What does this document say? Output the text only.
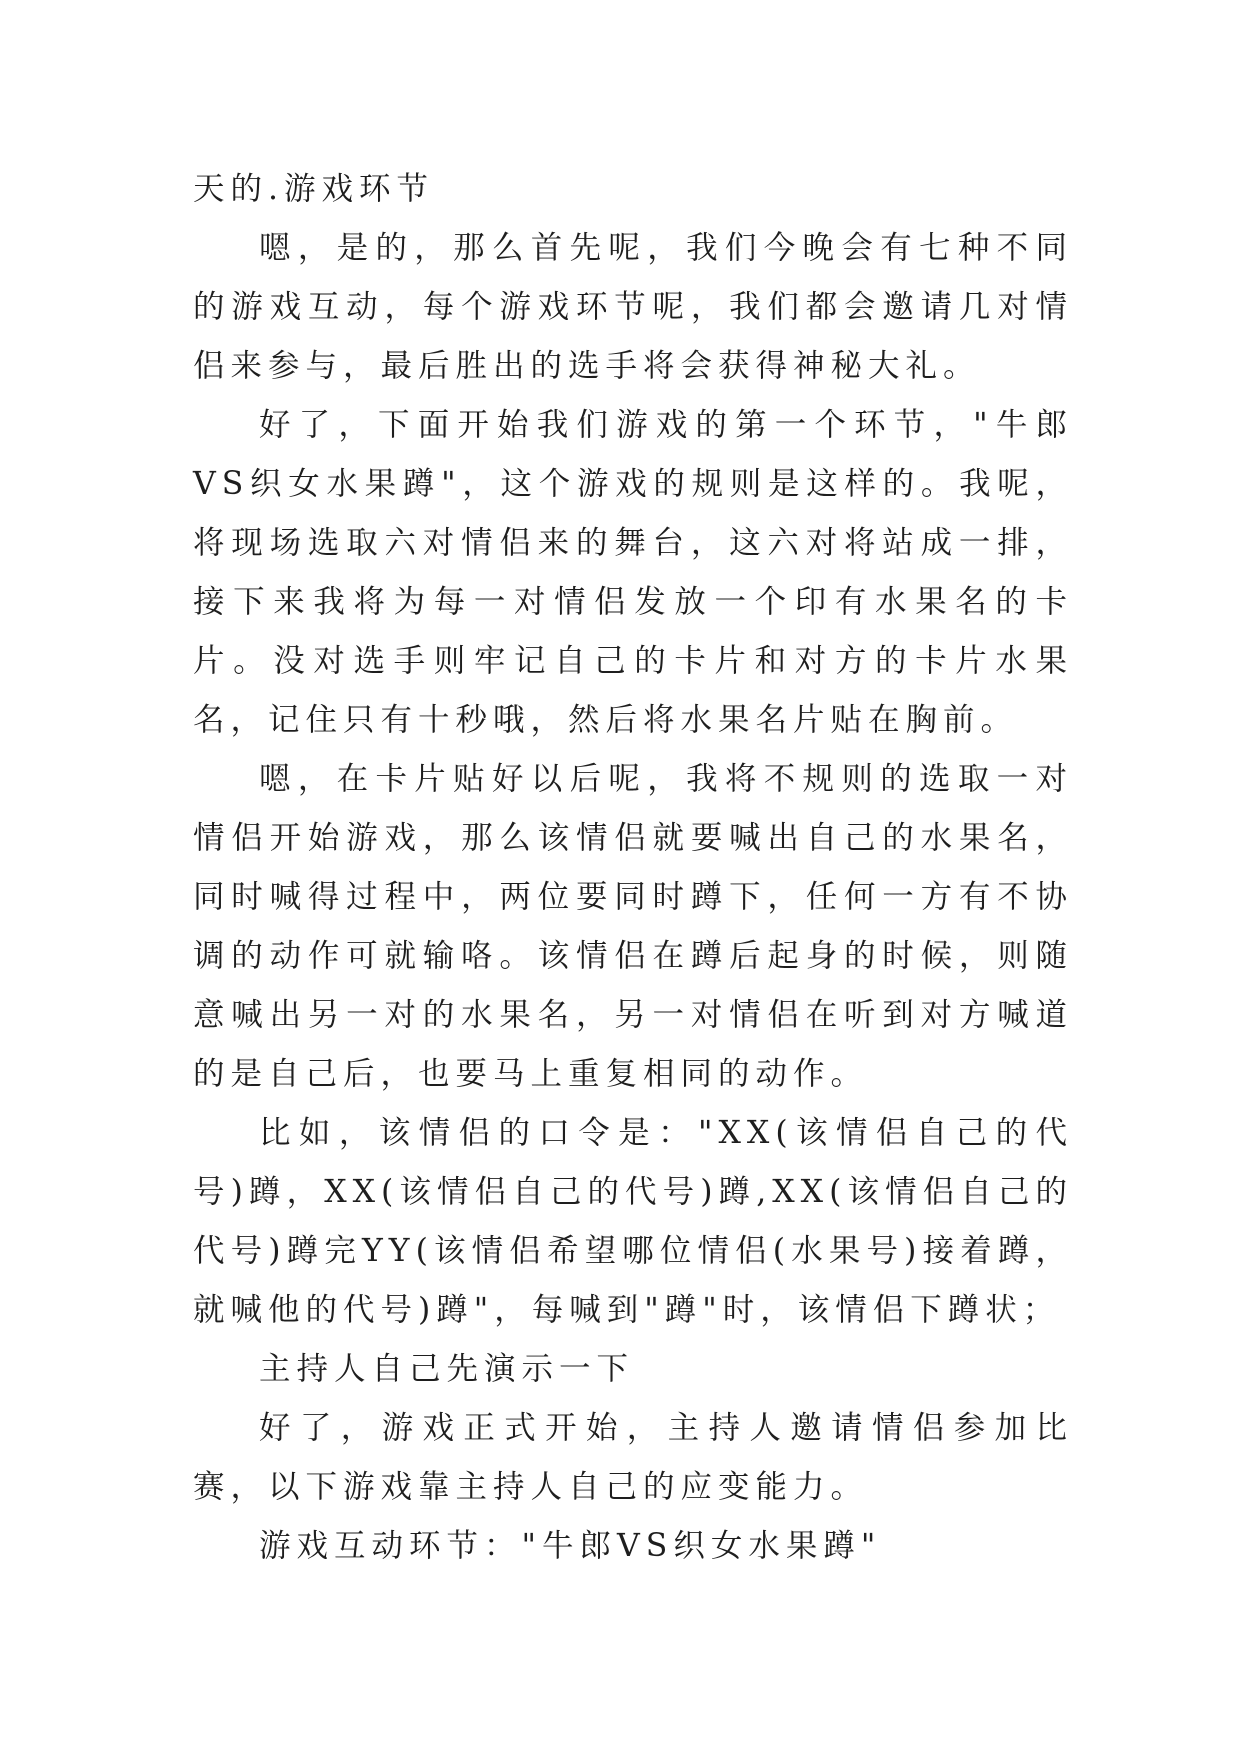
天的.游戏环节

嗯，是的，那么首先呢，我们今晚会有七种不同的游戏互动，每个游戏环节呢，我们都会邀请几对情侣来参与，最后胜出的选手将会获得神秘大礼。

好了，下面开始我们游戏的第一个环节，"牛郎VS织女水果蹲"，这个游戏的规则是这样的。我呢，将现场选取六对情侣来的舞台，这六对将站成一排，接下来我将为每一对情侣发放一个印有水果名的卡片。没对选手则牢记自己的卡片和对方的卡片水果名，记住只有十秒哦，然后将水果名片贴在胸前。

嗯，在卡片贴好以后呢，我将不规则的选取一对情侣开始游戏，那么该情侣就要喊出自己的水果名，同时喊得过程中，两位要同时蹲下，任何一方有不协调的动作可就输咯。该情侣在蹲后起身的时候，则随意喊出另一对的水果名，另一对情侣在听到对方喊道的是自己后，也要马上重复相同的动作。

比如，该情侣的口令是："XX(该情侣自己的代号)蹲，XX(该情侣自己的代号)蹲,XX(该情侣自己的代号)蹲完YY(该情侣希望哪位情侣(水果号)接着蹲，就喊他的代号)蹲"，每喊到"蹲"时，该情侣下蹲状；

主持人自己先演示一下

好了，游戏正式开始，主持人邀请情侣参加比赛，以下游戏靠主持人自己的应变能力。

游戏互动环节："牛郎VS织女水果蹲"
